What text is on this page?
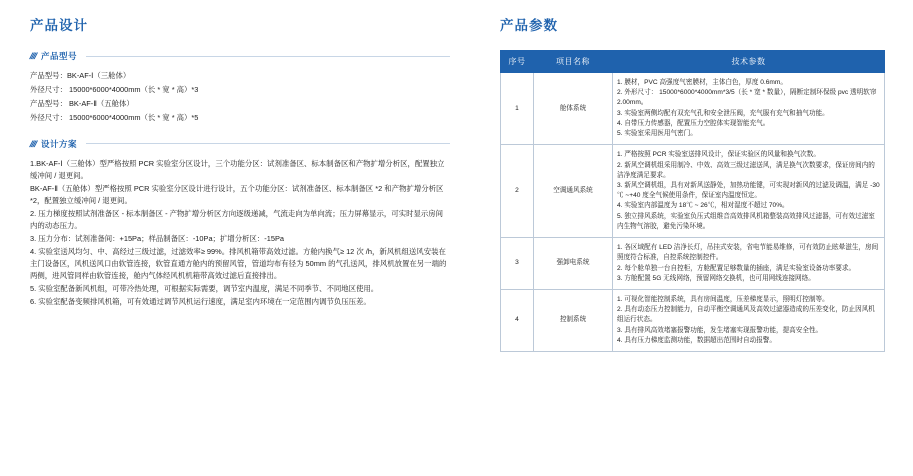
产品设计
//// 产品型号

产品型号：BK-AF-Ⅰ（三舱体）

外径尺寸： 15000*6000*4000mm（长 * 宽 * 高）*3

产品型号： BK-AF-Ⅱ（五舱体）

外径尺寸： 15000*6000*4000mm（长 * 宽 * 高）*5

//// 设计方案

1.BK-AF-Ⅰ（三舱体）型严格按照 PCR 实验室分区设计，三个功能分区：试剂准备区、标本制备区和产物扩增分析区，配置独立缓冲间 / 退更间。

BK-AF-Ⅱ（五舱体）型严格按照 PCR 实验室分区设计进行设计，五个功能分区：试剂准备区、标本制备区 *2 和产物扩增分析区 *2，配置独立缓冲间 / 退更间。

2. 压力梯度按照试剂准备区 - 标本制备区 - 产物扩增分析区方向逐级递减，气流走向为单向流；压力屏幕显示，可实时显示房间内的动态压力。

3. 压力分布：试剂准备间：+15Pa；样品制备区：-10Pa；扩增分析区：-15Pa

4. 实验室送风均匀、中、高经过三级过滤，过滤效率≥ 99%。排风机箱带高效过滤。方舱内换气≥ 12 次 /h，新风机组送风安装在主门设备区，风机送风口由软管连接，软管直通方舱内的预留风管，管道均布有径为 50mm 的气孔送风，排风机放置在另一端的两侧，进风管同样由软管连接，舱内气体经风机机箱带高效过滤后直接排出。

5. 实验室配备新风机组，可带冷热处理，可根据实际需要，调节室内温度，满足不同季节、不同地区使用。

6. 实验室配备变频排风机箱，可有效通过调节风机运行速度，满足室内环境在一定范围内调节负压压差。

产品参数
序号	项目名称	技术参数
1	舱体系统	1. 膜材，PVC 高强度气密膜材，主体白色，厚度 0.6mm。
2. 外形尺寸： 15000*6000*4000mm*3/5（长 * 宽 * 数量），隔断定制环保级 pvc 透明软帘 2.00mm。
3. 实验室两侧均配有双充气孔和安全泄压阀，充气服有充气和抽气功能。
4. 自带压力传感器，配置压力空腔体实现智能充气。
5. 实验室采用医用气密门。

2	空调通风系统	1. 严格按照 PCR 实验室送排风设计，保证实验区的风量和换气次数。
2. 新风空调机组采用制冷、中效、高效三级过滤送风，满足换气次数要求，保证房间内的洁净度满足要求。
3. 新风空调机组，具有对新风送静处，加热功能键，可实现对新风的过滤及调温，满足 -30 ℃ ~+40 度全气候使用条件，保证室内温度恒定。
4. 实验室内部温度为 18℃ ~ 26℃，相对湿度不超过 70%。
5. 独立排风系统，实验室负压式组维音高效排风机箱整装高效排风过滤器，可有效过滤室内生物气溶胶，避免污染环境。

3	强卸电系统	1. 各区域配有 LED 洁净长灯，吊挂式安装，省电节能易维修，可有效防止眩晕滋生，房间照度符合标准，自控系统控制控件。
2. 每个舱单独一台自控柜，方舱配置足够数量的插座，满足实验室设备功率要求。
3. 方舱配置 5G 无线网络，预留网络交换机，也可用网线连接网络。

4	控制系统	1. 可视化智能控制系统，具有房间温度，压差梯度显示，照明灯控制等。
2. 具有动态压力控制能力，自动平衡空调通风及高效过滤器造成的压差变化，防止因风机组运行状态。
3. 具有排风高效堵塞报警功能，发生堵塞实现报警功能，提高安全性。
4. 具有压力梯度监测功能，数据超出范围时自动报警。
